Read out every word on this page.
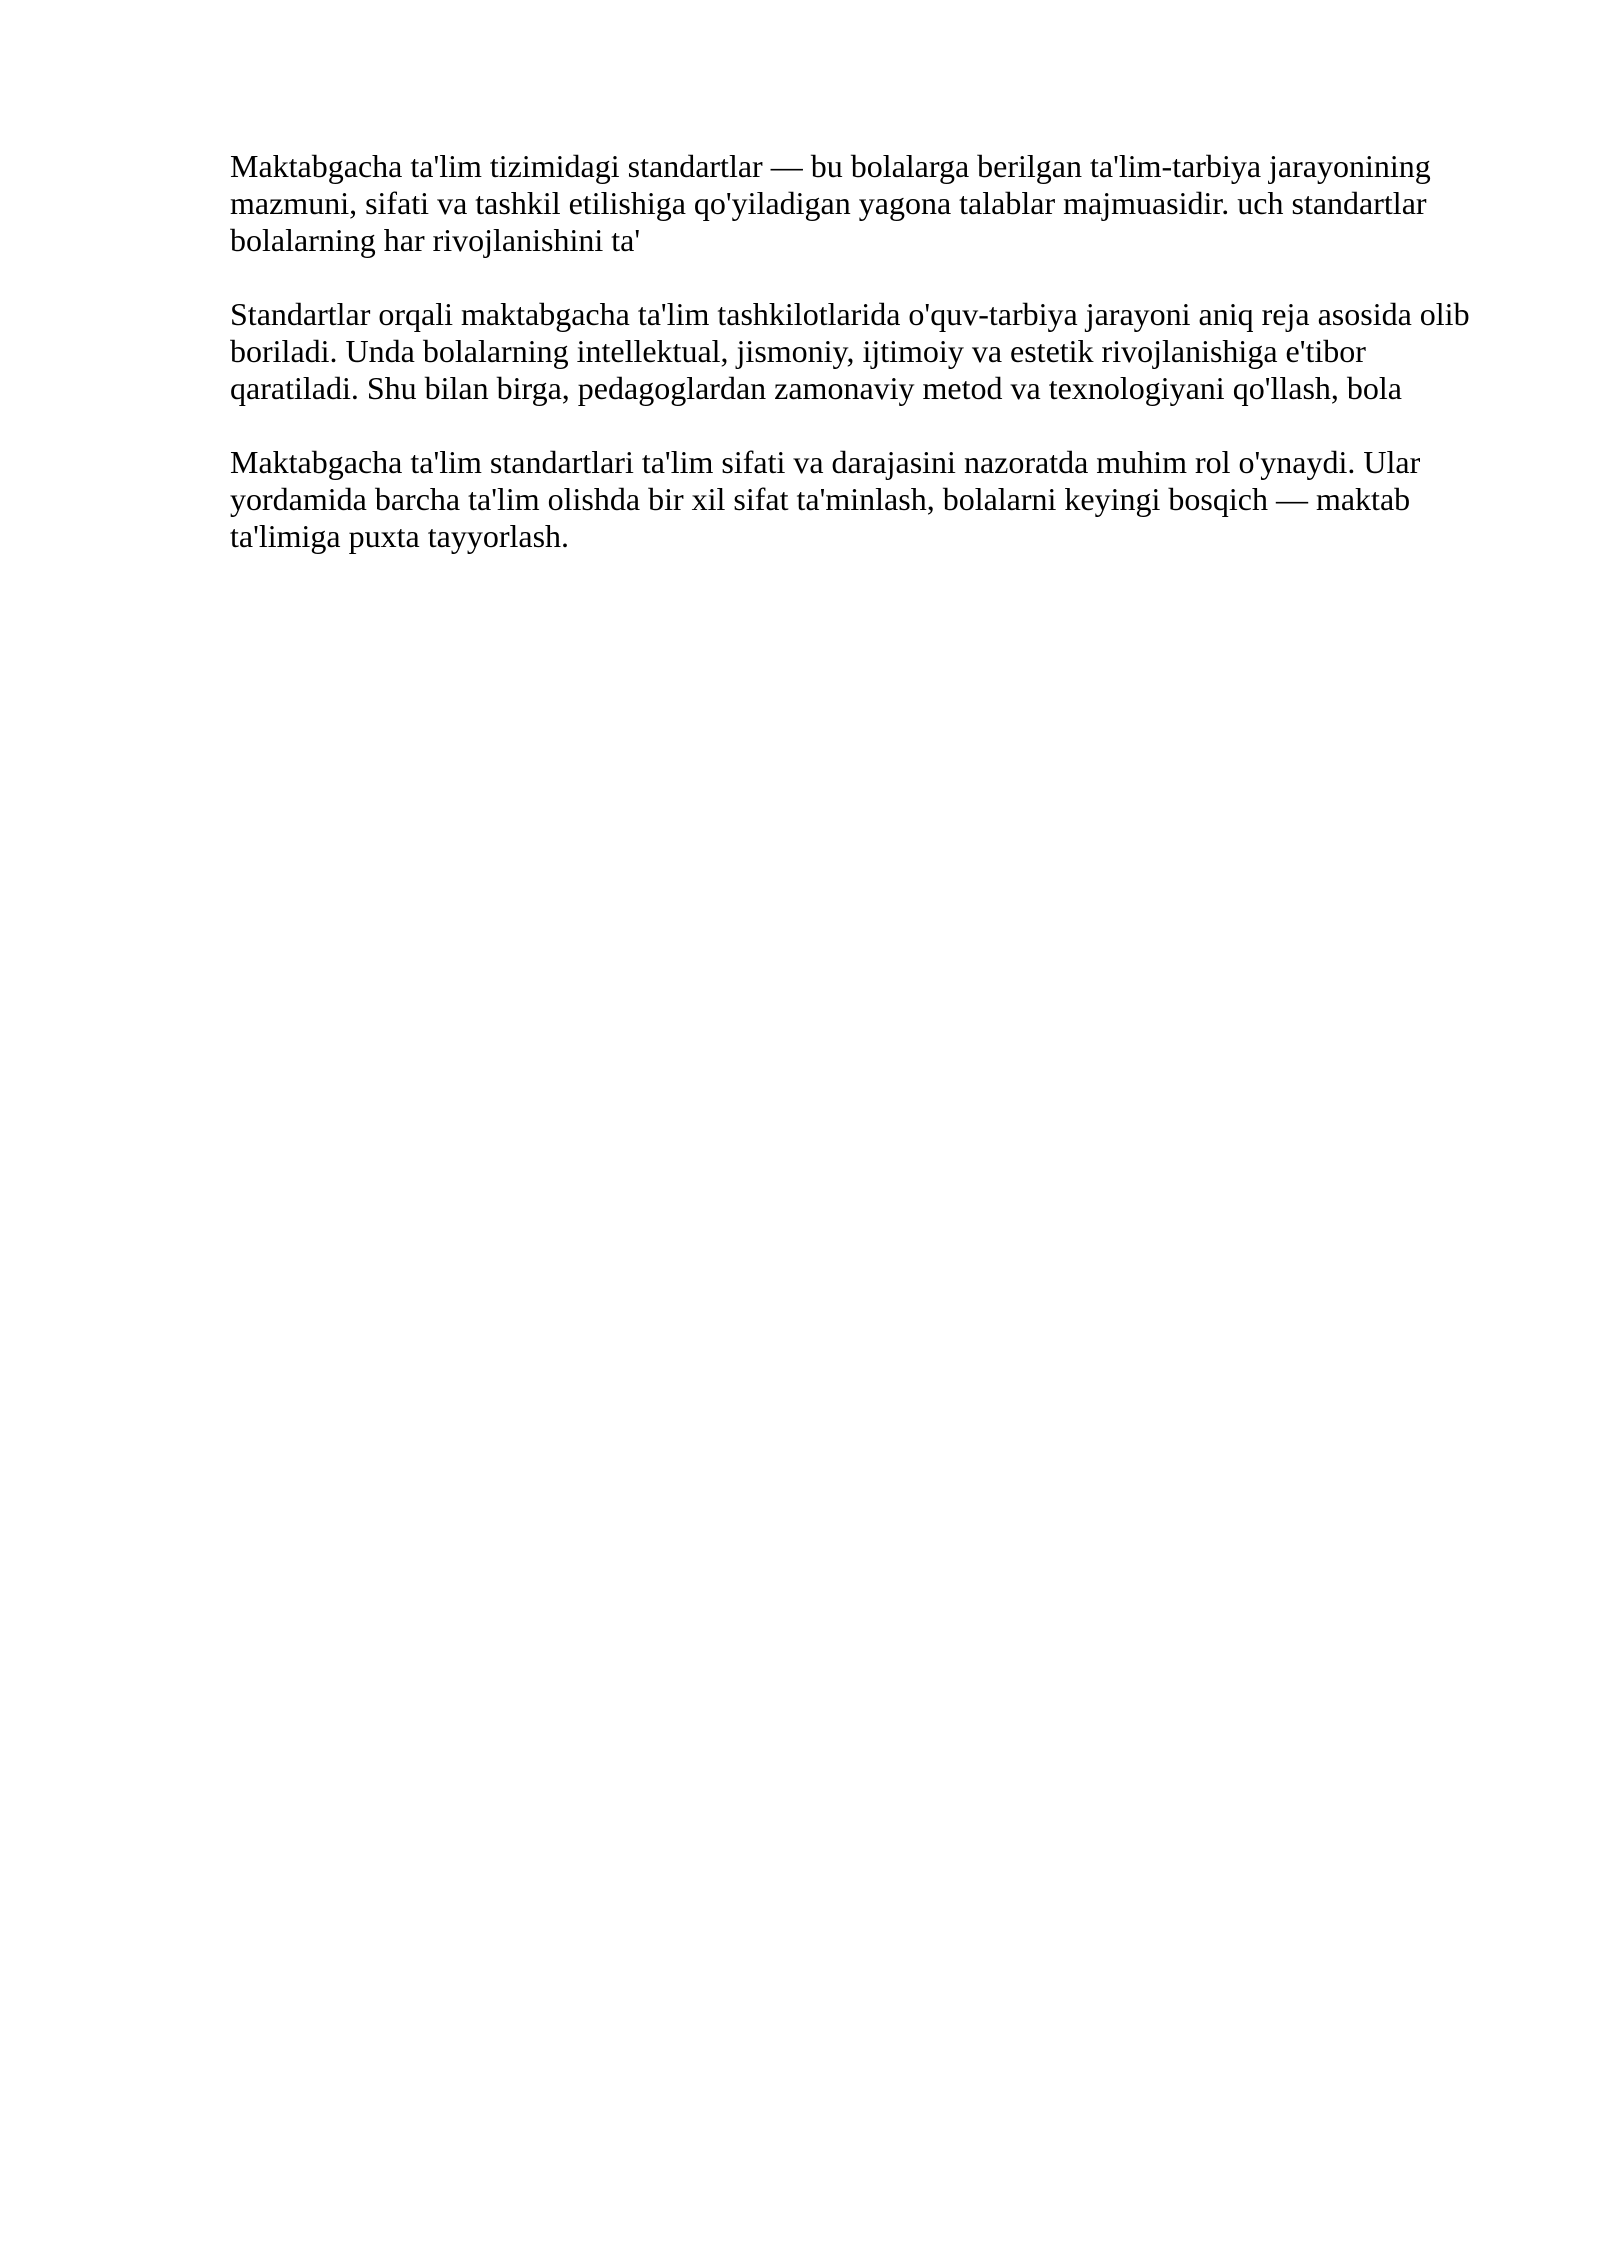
Maktabgacha ta'lim tizimidagi standartlar — bu bolalarga berilgan ta'lim-tarbiya jarayonining mazmuni, sifati va tashkil etilishiga qo'yiladigan yagona talablar majmuasidir. uch standartlar bolalarning har rivojlanishini ta'

Standartlar orqali maktabgacha ta'lim tashkilotlarida o'quv-tarbiya jarayoni aniq reja asosida olib boriladi. Unda bolalarning intellektual, jismoniy, ijtimoiy va estetik rivojlanishiga e'tibor qaratiladi. Shu bilan birga, pedagoglardan zamonaviy metod va texnologiyani qo'llash, bola

Maktabgacha ta'lim standartlari ta'lim sifati va darajasini nazoratda muhim rol o'ynaydi. Ular yordamida barcha ta'lim olishda bir xil sifat ta'minlash, bolalarni keyingi bosqich — maktab ta'limiga puxta tayyorlash.
